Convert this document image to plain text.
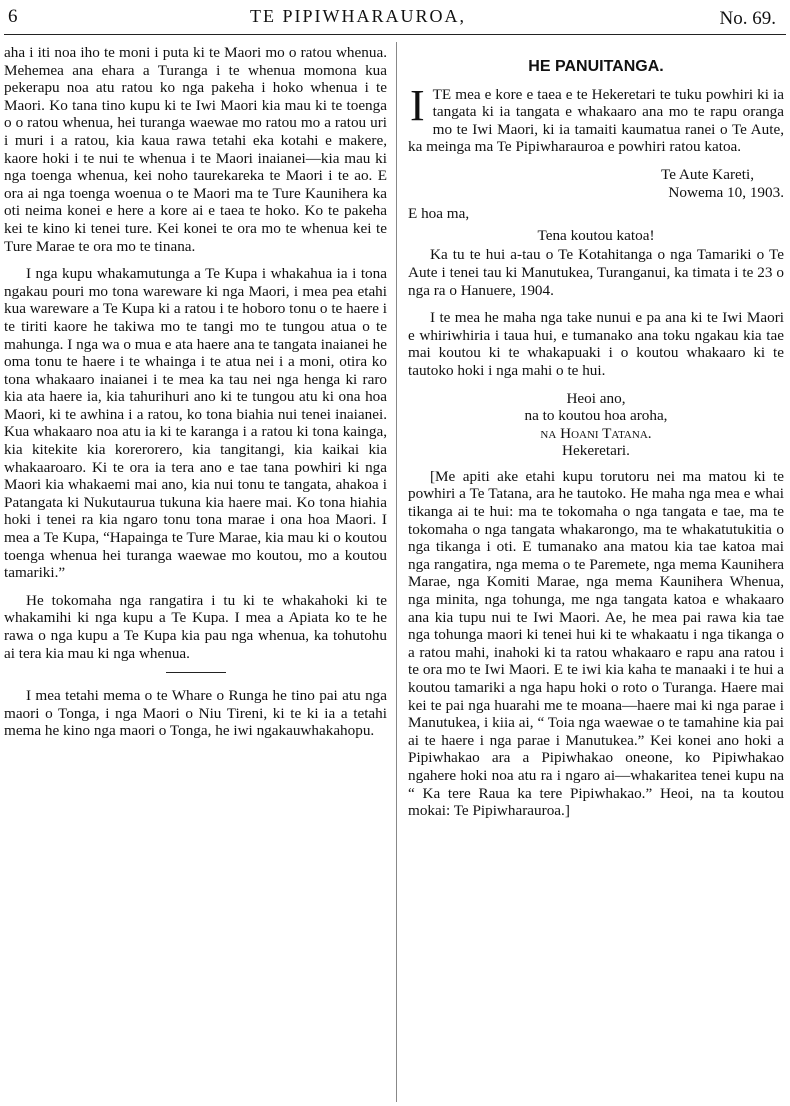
6	TE PIPIWHARAUROA,	No. 69.

aha i iti noa iho te moni i puta ki te Maori mo o ratou whenua. Mehemea ana ehara a Turanga i te whenua momona kua pekerapu noa atu ratou ko nga pakeha i hoko whenua i te Maori. Ko tana tino kupu ki te Iwi Maori kia mau ki te toenga o o ratou whenua, hei turanga waewae mo ratou mo a ratou uri i muri i a ratou, kia kaua rawa tetahi eka kotahi e makere, kaore hoki i te nui te whenua i te Maori inaianei—kia mau ki nga toenga whenua, kei noho taurekareka te Maori i te ao. E ora ai nga toenga woenua o te Maori ma te Ture Kaunihera ka oti neima konei e here a kore ai e taea te hoko. Ko te pakeha kei te kino ki tenei ture. Kei konei te ora mo te whenua kei te Ture Marae te ora mo te tinana.

I nga kupu whakamutunga a Te Kupa i whakahua ia i tona ngakau pouri mo tona wareware ki nga Maori, i mea pea etahi kua wareware a Te Kupa ki a ratou i te hoboro tonu o te haere i te tiriti kaore he takiwa mo te tangi mo te tungou atua o te mahunga. I nga wa o mua e ata haere ana te tangata inaianei he oma tonu te haere i te whainga i te atua nei i a moni, otira ko tona whakaaro inaianei i te mea ka tau nei nga henga ki raro kia ata haere ia, kia tahurihuri ano ki te tungou atu ki ona hoa Maori, ki te awhina i a ratou, ko tona biahia nui tenei inaianei. Kua whakaaro noa atu ia ki te karanga i a ratou ki tona kainga, kia kitekite kia korerorero, kia tangitangi, kia kaikai kia whakaaroaro. Ki te ora ia tera ano e tae tana powhiri ki nga Maori kia whakaemi mai ano, kia nui tonu te tangata, ahakoa i Patangata ki Nukutaurua tukuna kia haere mai. Ko tona hiahia hoki i tenei ra kia ngaro tonu tona marae i ona hoa Maori. I mea a Te Kupa, “Hapainga te Ture Marae, kia mau ki o koutou toenga whenua hei turanga waewae mo koutou, mo a koutou tamariki.”

He tokomaha nga rangatira i tu ki te whakahoki ki te whakamihi ki nga kupu a Te Kupa. I mea a Apiata ko te he rawa o nga kupu a Te Kupa kia pau nga whenua, ka tohutohu ai tera kia mau ki nga whenua.

I mea tetahi mema o te Whare o Runga he tino pai atu nga maori o Tonga, i nga Maori o Niu Tireni, ki te ki ia a tetahi mema he kino nga maori o Tonga, he iwi ngakauwhakahopu.

HE PANUITANGA.
I TE mea e kore e taea e te Hekeretari te tuku powhiri ki ia tangata ki ia tangata e whakaaro ana mo te rapu oranga mo te Iwi Maori, ki ia tamaiti kaumatua ranei o Te Aute, ka meinga ma Te Pipiwharauroa e powhiri ratou katoa.

Te Aute Kareti,

Nowema 10, 1903.

E hoa ma,

Tena koutou katoa!

Ka tu te hui a-tau o Te Kotahitanga o nga Tamariki o Te Aute i tenei tau ki Manutukea, Turanganui, ka timata i te 23 o nga ra o Hanuere, 1904.

I te mea he maha nga take nunui e pa ana ki te Iwi Maori e whiriwhiria i taua hui, e tumanako ana toku ngakau kia tae mai koutou ki te whakapuaki i o koutou whakaaro ki te tautoko hoki i nga mahi o te hui.

Heoi ano,

na to koutou hoa aroha,

na Hoani Tatana.

Hekeretari.

[Me apiti ake etahi kupu torutoru nei ma matou ki te powhiri a Te Tatana, ara he tautoko. He maha nga mea e whai tikanga ai te hui: ma te tokomaha o nga tangata e tae, ma te tokomaha o nga tangata whakarongo, ma te whakatutukitia o nga tikanga i oti. E tumanako ana matou kia tae katoa mai nga rangatira, nga mema o te Paremete, nga mema Kaunihera Marae, nga Komiti Marae, nga mema Kaunihera Whenua, nga minita, nga tohunga, me nga tangata katoa e whakaaro ana kia tupu nui te Iwi Maori. Ae, he mea pai rawa kia tae nga tohunga maori ki tenei hui ki te whakaatu i nga tikanga o a ratou mahi, inahoki ki ta ratou whakaaro e rapu ana ratou i te ora mo te Iwi Maori. E te iwi kia kaha te manaaki i te hui a koutou tamariki a nga hapu hoki o roto o Turanga. Haere mai kei te pai nga huarahi me te moana—haere mai ki nga parae i Manutukea, i kiia ai, “ Toia nga waewae o te tamahine kia pai ai te haere i nga parae i Manutukea.” Kei konei ano hoki a Pipiwhakao ara a Pipiwhakao oneone, ko Pipiwhakao ngahere hoki noa atu ra i ngaro ai—whakaritea tenei kupu na “ Ka tere Raua ka tere Pipiwhakao.” Heoi, na ta koutou mokai: Te Pipiwharauroa.]
